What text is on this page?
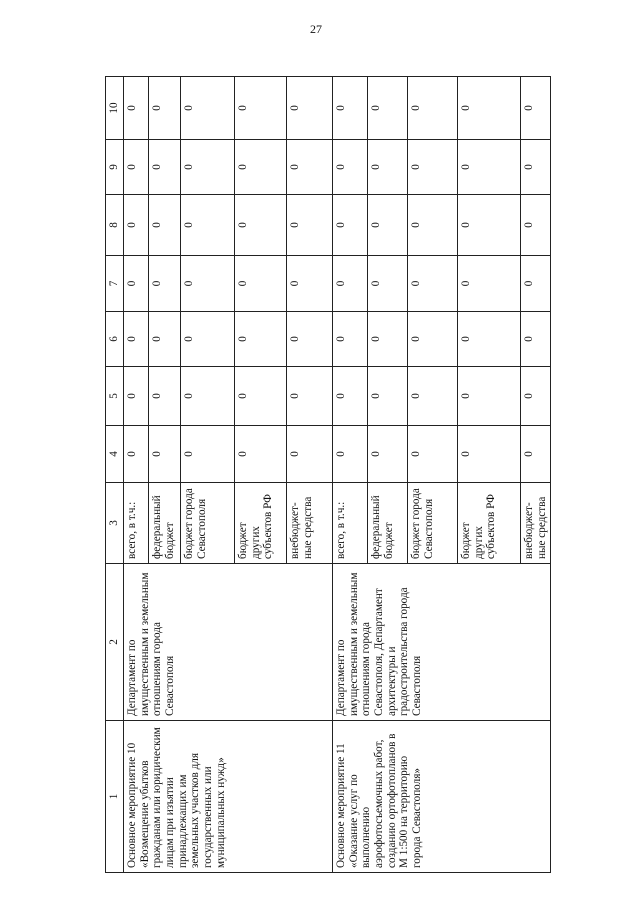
27
1	2	3	4	5	6	7	8	9	10
Основное мероприятие 10 «Возмещение убытков гражданам или юридическим лицам при изъятии принадлежащих им земельных участков для государственных или муниципальных нужд»	Департамент по имущественным и земельным отношениям города Севастополя	всего, в т.ч.:	0	0	0	0	0	0	0
		федеральный бюджет	0	0	0	0	0	0	0
		бюджет города Севастополя	0	0	0	0	0	0	0
		бюджет других субъектов РФ	0	0	0	0	0	0	0
		внебюджет-ные средства	0	0	0	0	0	0	0
Основное мероприятие 11 «Оказание услуг по выполнению аэрофотосъемочных работ, созданию ортофотопланов в М 1:500 на территорию города Севастополя»	Департамент по имущественным и земельным отношениям города Севастополя, Департамент архитектуры и градостроительства города Севастополя	всего, в т.ч.:	0	0	0	0	0	0	0
		федеральный бюджет	0	0	0	0	0	0	0
		бюджет города Севастополя	0	0	0	0	0	0	0
		бюджет других субъектов РФ	0	0	0	0	0	0	0
		внебюджет-ные средства	0	0	0	0	0	0	0
